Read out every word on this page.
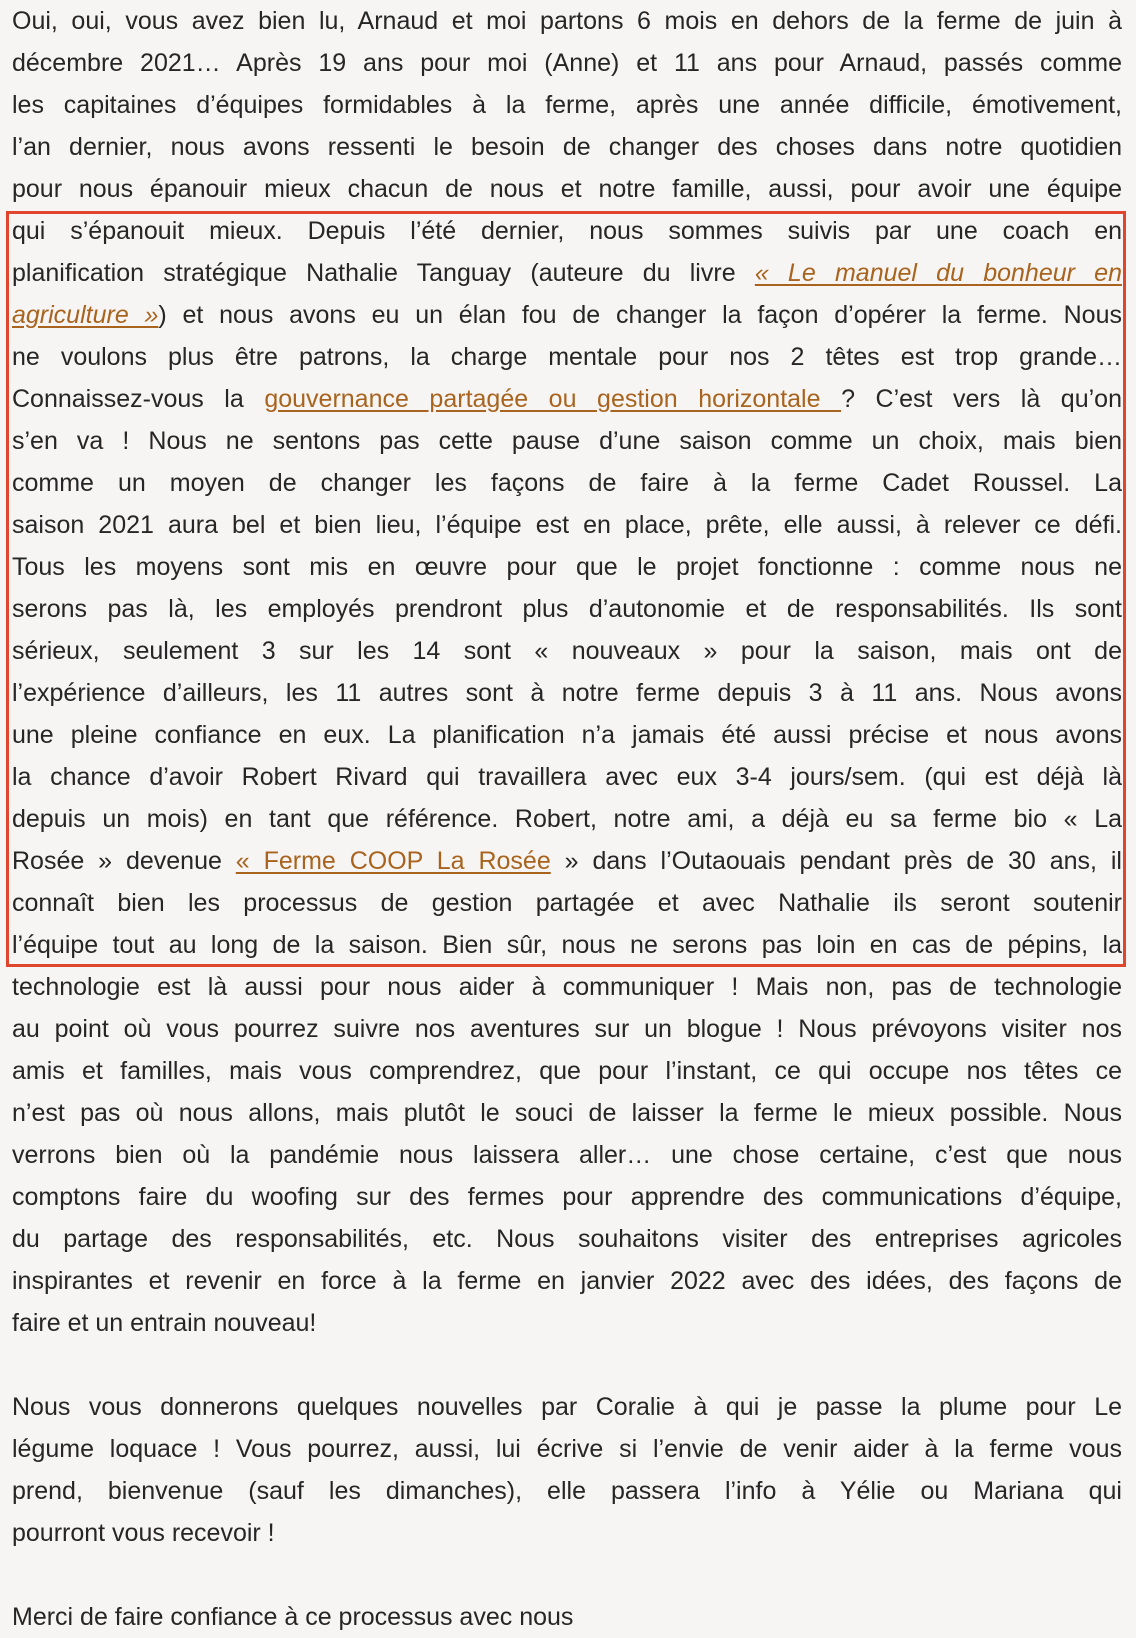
Oui, oui, vous avez bien lu, Arnaud et moi partons 6 mois en dehors de la ferme de juin à
décembre 2021… Après 19 ans pour moi (Anne) et 11 ans pour Arnaud, passés comme
les capitaines d’équipes formidables à la ferme, après une année difficile, émotivement,
l’an dernier, nous avons ressenti le besoin de changer des choses dans notre quotidien
pour nous épanouir mieux chacun de nous et notre famille, aussi, pour avoir une équipe
qui s’épanouit mieux. Depuis l’été dernier, nous sommes suivis par une coach en
planification stratégique Nathalie Tanguay (auteure du livre « Le manuel du bonheur en
agriculture ») et nous avons eu un élan fou de changer la façon d’opérer la ferme. Nous
ne voulons plus être patrons, la charge mentale pour nos 2 têtes est trop grande…
Connaissez-vous la gouvernance partagée ou gestion horizontale ? C’est vers là qu’on
s’en va ! Nous ne sentons pas cette pause d’une saison comme un choix, mais bien
comme un moyen de changer les façons de faire à la ferme Cadet Roussel. La
saison 2021 aura bel et bien lieu, l’équipe est en place, prête, elle aussi, à relever ce défi.
Tous les moyens sont mis en œuvre pour que le projet fonctionne : comme nous ne
serons pas là, les employés prendront plus d’autonomie et de responsabilités. Ils sont
sérieux, seulement 3 sur les 14 sont « nouveaux » pour la saison, mais ont de
l’expérience d’ailleurs, les 11 autres sont à notre ferme depuis 3 à 11 ans. Nous avons
une pleine confiance en eux. La planification n’a jamais été aussi précise et nous avons
la chance d’avoir Robert Rivard qui travaillera avec eux 3-4 jours/sem. (qui est déjà là
depuis un mois) en tant que référence. Robert, notre ami, a déjà eu sa ferme bio « La
Rosée » devenue « Ferme COOP La Rosée » dans l’Outaouais pendant près de 30 ans, il
connaît bien les processus de gestion partagée et avec Nathalie ils seront soutenir
l’équipe tout au long de la saison. Bien sûr, nous ne serons pas loin en cas de pépins, la
technologie est là aussi pour nous aider à communiquer ! Mais non, pas de technologie
au point où vous pourrez suivre nos aventures sur un blogue ! Nous prévoyons visiter nos
amis et familles, mais vous comprendrez, que pour l’instant, ce qui occupe nos têtes ce
n’est pas où nous allons, mais plutôt le souci de laisser la ferme le mieux possible. Nous
verrons bien où la pandémie nous laissera aller… une chose certaine, c’est que nous
comptons faire du woofing sur des fermes pour apprendre des communications d’équipe,
du partage des responsabilités, etc. Nous souhaitons visiter des entreprises agricoles
inspirantes et revenir en force à la ferme en janvier 2022 avec des idées, des façons de
faire et un entrain nouveau!
Nous vous donnerons quelques nouvelles par Coralie à qui je passe la plume pour Le
légume loquace ! Vous pourrez, aussi, lui écrive si l’envie de venir aider à la ferme vous
prend, bienvenue (sauf les dimanches), elle passera l’info à Yélie ou Mariana qui
pourront vous recevoir !
Merci de faire confiance à ce processus avec nous
